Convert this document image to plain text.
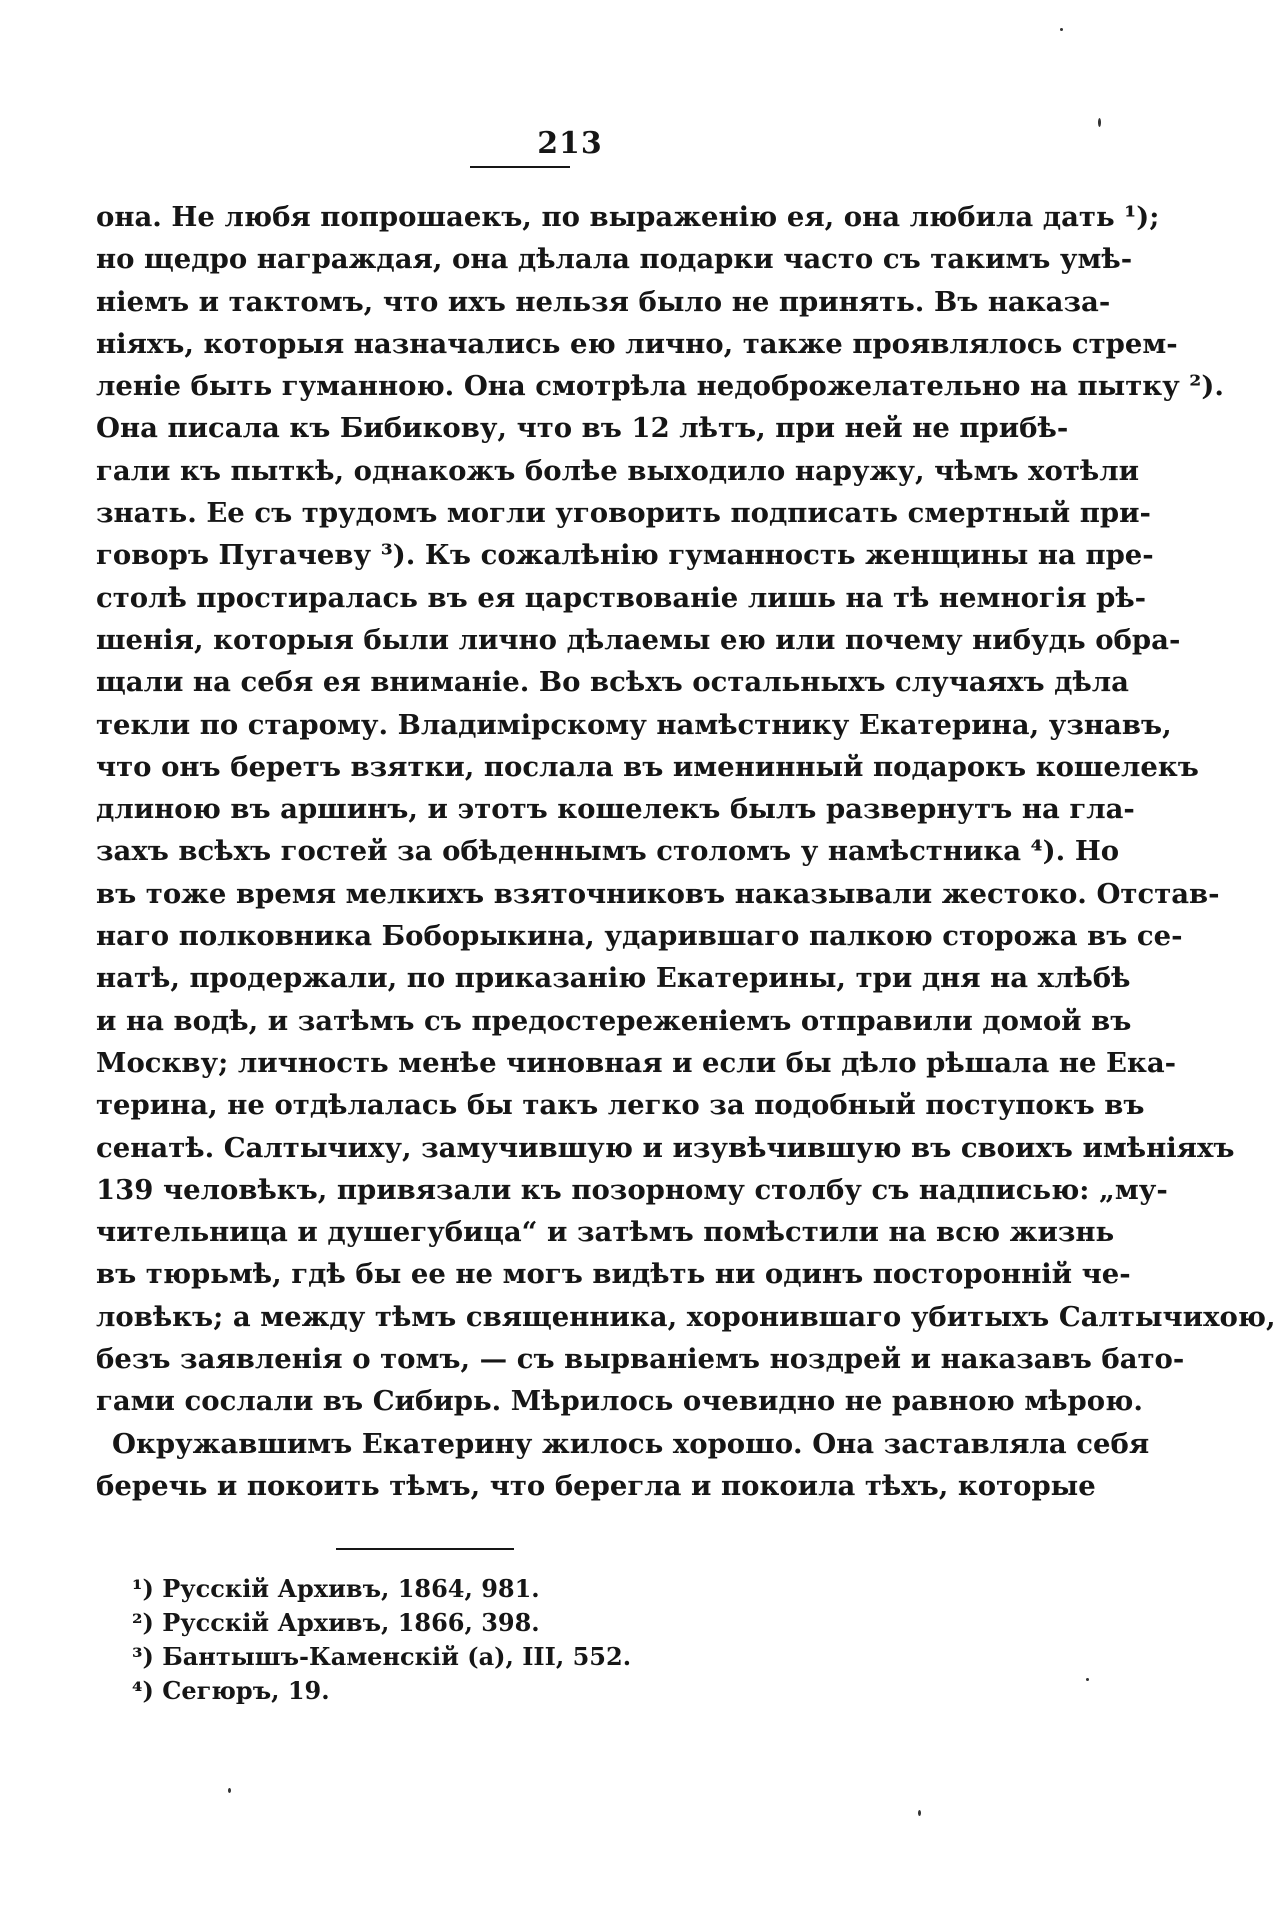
213
она. Не любя попрошаекъ, по выраженію ея, она любила дать ¹);
но щедро награждая, она дѣлала подарки часто съ такимъ умѣ-
ніемъ и тактомъ, что ихъ нельзя было не принять. Въ наказа-
ніяхъ, которыя назначались ею лично, также проявлялось стрем-
леніе быть гуманною. Она смотрѣла недоброжелательно на пытку ²).
Она писала къ Бибикову, что въ 12 лѣтъ, при ней не прибѣ-
гали къ пыткѣ, однакожъ болѣе выходило наружу, чѣмъ хотѣли
знать. Ее съ трудомъ могли уговорить подписать смертный при-
говоръ Пугачеву ³). Къ сожалѣнію гуманность женщины на пре-
столѣ простиралась въ ея царствованіе лишь на тѣ немногія рѣ-
шенія, которыя были лично дѣлаемы ею или почему нибудь обра-
щали на себя ея вниманіе. Во всѣхъ остальныхъ случаяхъ дѣла
текли по старому. Владимірскому намѣстнику Екатерина, узнавъ,
что онъ беретъ взятки, послала въ именинный подарокъ кошелекъ
длиною въ аршинъ, и этотъ кошелекъ былъ развернутъ на гла-
захъ всѣхъ гостей за обѣденнымъ столомъ у намѣстника ⁴). Но
въ тоже время мелкихъ взяточниковъ наказывали жестоко. Отстав-
наго полковника Боборыкина, ударившаго палкою сторожа въ се-
натѣ, продержали, по приказанію Екатерины, три дня на хлѣбѣ
и на водѣ, и затѣмъ съ предостереженіемъ отправили домой въ
Москву; личность менѣе чиновная и если бы дѣло рѣшала не Ека-
терина, не отдѣлалась бы такъ легко за подобный поступокъ въ
сенатѣ. Салтычиху, замучившую и изувѣчившую въ своихъ имѣніяхъ
139 человѣкъ, привязали къ позорному столбу съ надписью: „му-
чительница и душегубица“ и затѣмъ помѣстили на всю жизнь
въ тюрьмѣ, гдѣ бы ее не могъ видѣть ни одинъ посторонній че-
ловѣкъ; а между тѣмъ священника, хоронившаго убитыхъ Салтычихою,
безъ заявленія о томъ, — съ вырваніемъ ноздрей и наказавъ бато-
гами сослали въ Сибирь. Мѣрилось очевидно не равною мѣрою.
Окружавшимъ Екатерину жилось хорошо. Она заставляла себя
беречь и покоить тѣмъ, что берегла и покоила тѣхъ, которые
¹) Русскій Архивъ, 1864, 981.
²) Русскій Архивъ, 1866, 398.
³) Бантышъ-Каменскій (а), III, 552.
⁴) Сегюръ, 19.
